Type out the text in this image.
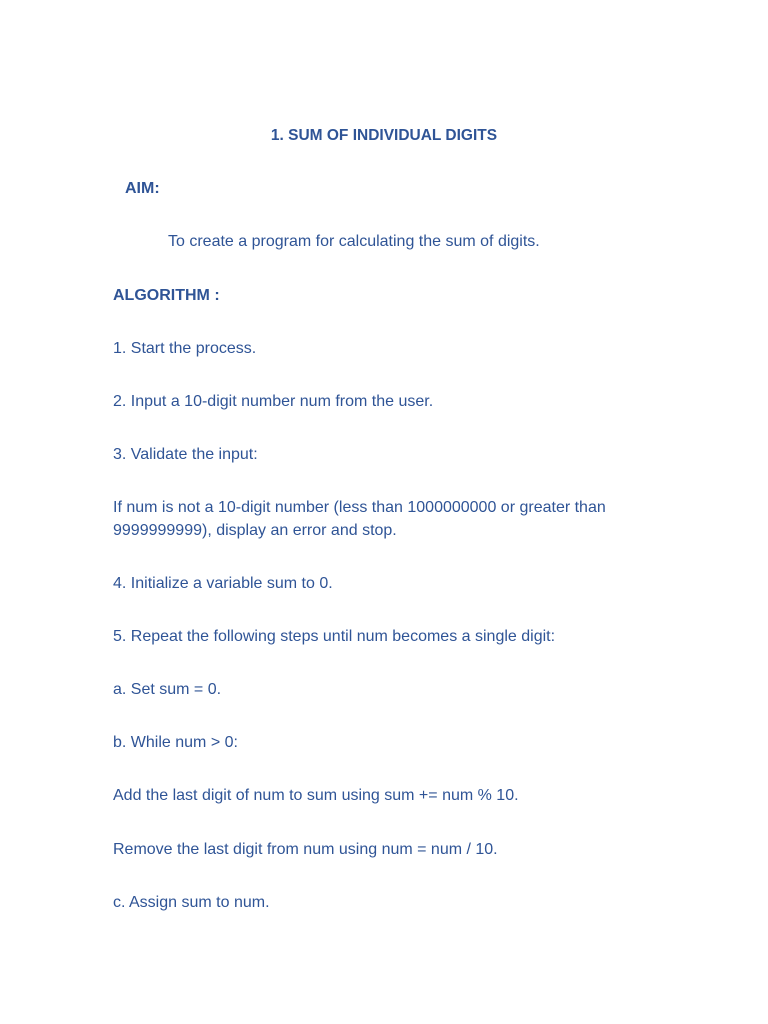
1. SUM OF INDIVIDUAL DIGITS
AIM:
To create a program for calculating the sum of digits.
ALGORITHM :
1. Start the process.
2. Input a 10-digit number num from the user.
3. Validate the input:
If num is not a 10-digit number (less than 1000000000 or greater than 9999999999), display an error and stop.
4. Initialize a variable sum to 0.
5. Repeat the following steps until num becomes a single digit:
a. Set sum = 0.
b. While num > 0:
Add the last digit of num to sum using sum += num % 10.
Remove the last digit from num using num = num / 10.
c. Assign sum to num.
